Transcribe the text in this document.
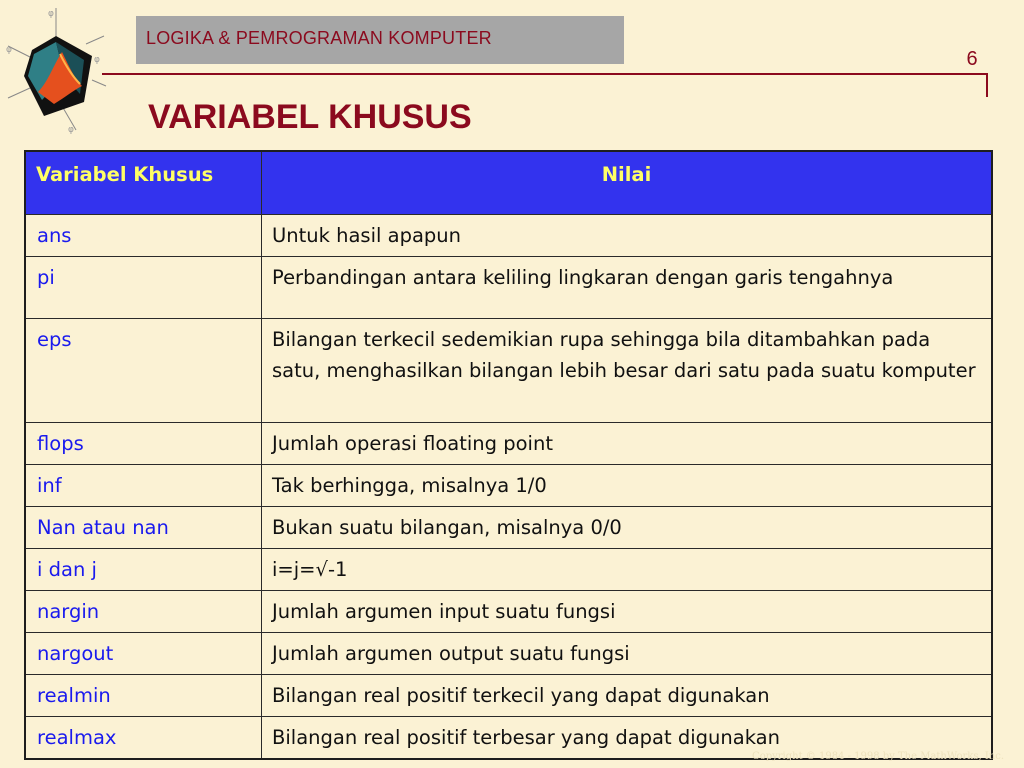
φ
φ
φ
φ
LOGIKA & PEMROGRAMAN KOMPUTER
6
VARIABEL KHUSUS
Variabel Khusus	Nilai
ans	Untuk hasil apapun
pi	Perbandingan antara keliling lingkaran dengan garis tengahnya
eps	Bilangan terkecil sedemikian rupa sehingga bila ditambahkan pada satu, menghasilkan bilangan lebih besar dari satu pada suatu komputer
flops	Jumlah operasi floating point
inf	Tak berhingga, misalnya 1/0
Nan atau nan	Bukan suatu bilangan, misalnya 0/0
i dan j	i=j=√-1
nargin	Jumlah argumen input suatu fungsi
nargout	Jumlah argumen output suatu fungsi
realmin	Bilangan real positif terkecil yang dapat digunakan
realmax	Bilangan real positif terbesar yang dapat digunakan
Copyright © 1984 - 1998 by The MathWorks, Inc.
